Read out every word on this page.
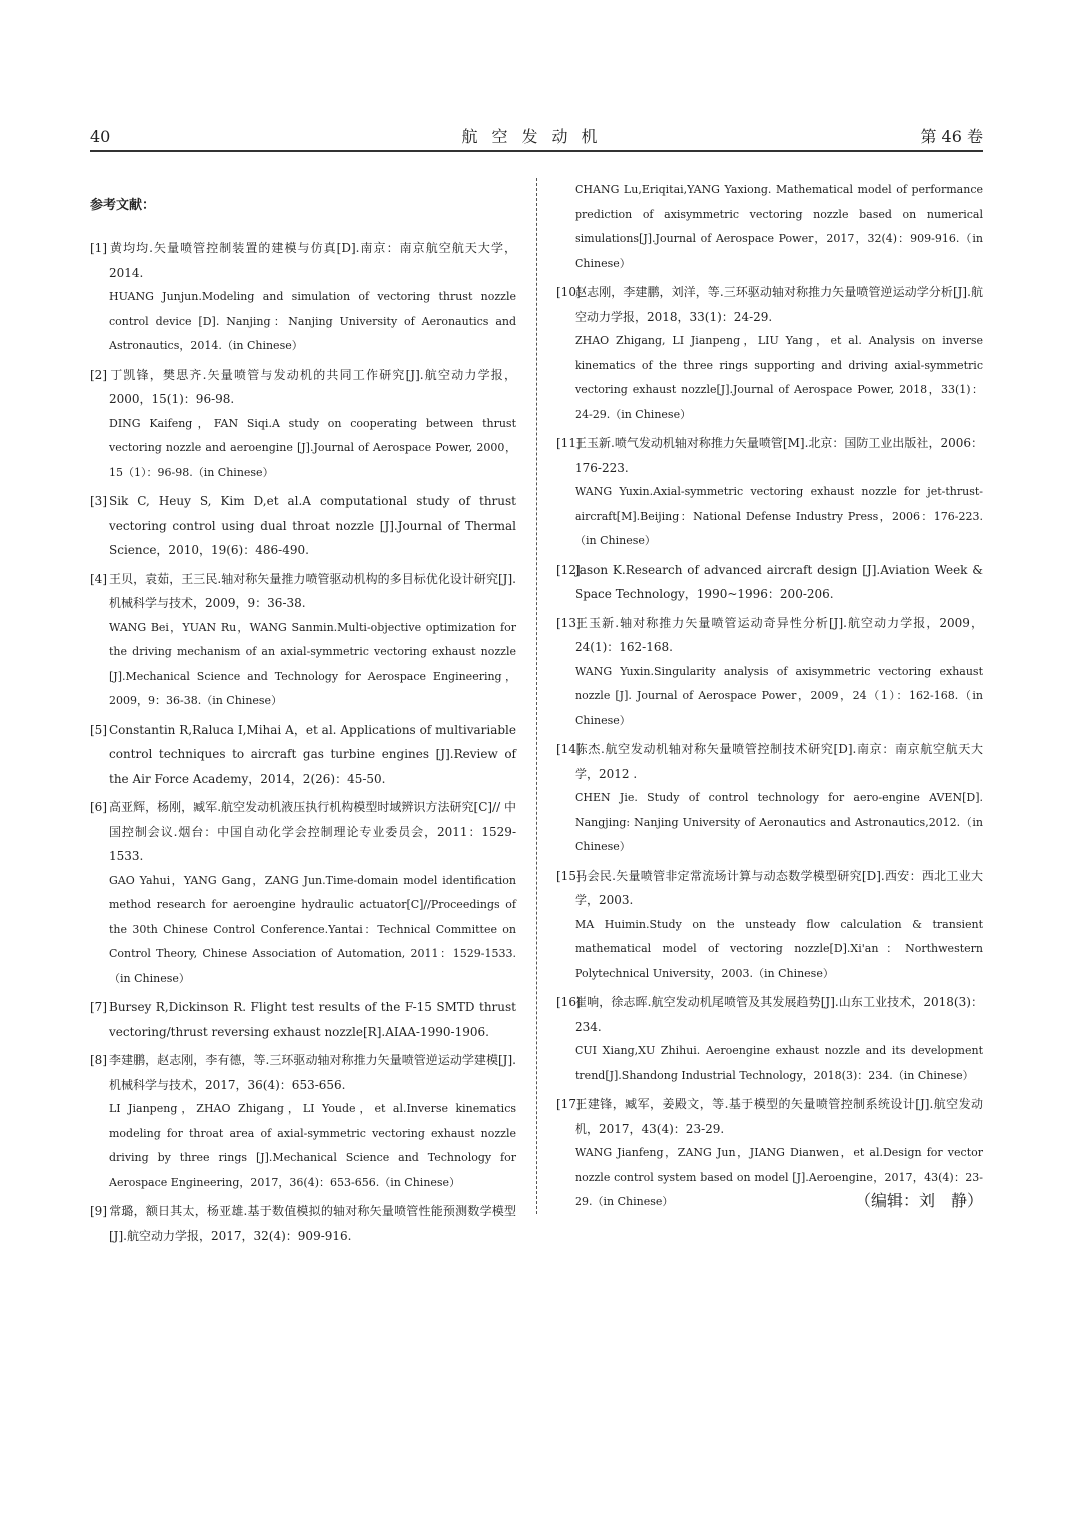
40	航空发动机	第 46 卷
参考文献：
[1] 黄均均.矢量喷管控制装置的建模与仿真[D].南京：南京航空航天大学，2014.
HUANG Junjun.Modeling and simulation of vectoring thrust nozzle control device [D]. Nanjing：Nanjing University of Aeronautics and Astronautics，2014.（in Chinese）
[2] 丁凯锋，樊思齐.矢量喷管与发动机的共同工作研究[J].航空动力学报，2000，15(1)：96-98.
DING Kaifeng，FAN Siqi.A study on cooperating between thrust vectoring nozzle and aeroengine [J].Journal of Aerospace Power, 2000，15（1）：96-98.（in Chinese）
[3] Sik C, Heuy S, Kim D,et al.A computational study of thrust vectoring control using dual throat nozzle [J].Journal of Thermal Science，2010，19(6)：486-490.
[4] 王贝，袁茹，王三民.轴对称矢量推力喷管驱动机构的多目标优化设计研究[J].机械科学与技术，2009，9：36-38.
WANG Bei，YUAN Ru，WANG Sanmin.Multi-objective optimization for the driving mechanism of an axial-symmetric vectoring exhaust nozzle [J].Mechanical Science and Technology for Aerospace Engineering，2009，9：36-38.（in Chinese）
[5] Constantin R,Raluca I,Mihai A，et al. Applications of multivariable control techniques to aircraft gas turbine engines [J].Review of the Air Force Academy，2014，2(26)：45-50.
[6] 高亚辉，杨刚，臧军.航空发动机液压执行机构模型时域辨识方法研究[C]// 中国控制会议.烟台：中国自动化学会控制理论专业委员会，2011：1529-1533.
GAO Yahui，YANG Gang，ZANG Jun.Time-domain model identification method research for aeroengine hydraulic actuator[C]//Proceedings of the 30th Chinese Control Conference.Yantai：Technical Committee on Control Theory, Chinese Association of Automation, 2011：1529-1533.（in Chinese）
[7] Bursey R,Dickinson R. Flight test results of the F-15 SMTD thrust vectoring/thrust reversing exhaust nozzle[R].AIAA-1990-1906.
[8] 李建鹏，赵志刚，李有德，等.三环驱动轴对称推力矢量喷管逆运动学建模[J].机械科学与技术，2017，36(4)：653-656.
LI Jianpeng，ZHAO Zhigang，LI Youde，et al.Inverse kinematics modeling for throat area of axial-symmetric vectoring exhaust nozzle driving by three rings [J].Mechanical Science and Technology for Aerospace Engineering，2017，36(4)：653-656.（in Chinese）
[9] 常璐，额日其太，杨亚雄.基于数值模拟的轴对称矢量喷管性能预测数学模型[J].航空动力学报，2017，32(4)：909-916.
CHANG Lu,Eriqitai,YANG Yaxiong. Mathematical model of performance prediction of axisymmetric vectoring nozzle based on numerical simulations[J].Journal of Aerospace Power，2017，32(4)：909-916.（in Chinese）
[10]赵志刚，李建鹏，刘洋，等.三环驱动轴对称推力矢量喷管逆运动学分析[J].航空动力学报，2018，33(1)：24-29.
ZHAO Zhigang, LI Jianpeng，LIU Yang，et al. Analysis on inverse kinematics of the three rings supporting and driving axial-symmetric vectoring exhaust nozzle[J].Journal of Aerospace Power, 2018，33(1)：24-29.（in Chinese）
[11]王玉新.喷气发动机轴对称推力矢量喷管[M].北京：国防工业出版社，2006：176-223.
WANG Yuxin.Axial-symmetric vectoring exhaust nozzle for jet-thrust-aircraft[M].Beijing：National Defense Industry Press，2006：176-223.（in Chinese）
[12]Jason K.Research of advanced aircraft design [J].Aviation Week & Space Technology，1990~1996：200-206.
[13]王玉新.轴对称推力矢量喷管运动奇异性分析[J].航空动力学报，2009，24(1)：162-168.
WANG Yuxin.Singularity analysis of axisymmetric vectoring exhaust nozzle [J]. Journal of Aerospace Power，2009，24（1）：162-168.（in Chinese）
[14]陈杰.航空发动机轴对称矢量喷管控制技术研究[D].南京：南京航空航天大学，2012 .
CHEN Jie. Study of control technology for aero-engine AVEN[D]. Nangjing: Nanjing University of Aeronautics and Astronautics,2012.（in Chinese）
[15]马会民.矢量喷管非定常流场计算与动态数学模型研究[D].西安：西北工业大学，2003.
MA Huimin.Study on the unsteady flow calculation & transient mathematical model of vectoring nozzle[D].Xi'an：Northwestern Polytechnical University，2003.（in Chinese）
[16]崔响，徐志晖.航空发动机尾喷管及其发展趋势[J].山东工业技术，2018(3)：234.
CUI Xiang,XU Zhihui. Aeroengine exhaust nozzle and its development trend[J].Shandong Industrial Technology，2018(3)：234.（in Chinese）
[17]王建锋，臧军，姜殿文，等.基于模型的矢量喷管控制系统设计[J].航空发动机，2017，43(4)：23-29.
WANG Jianfeng，ZANG Jun，JIANG Dianwen，et al.Design for vector nozzle control system based on model [J].Aeroengine，2017，43(4)：23-29.（in Chinese）	（编辑：刘　静）
